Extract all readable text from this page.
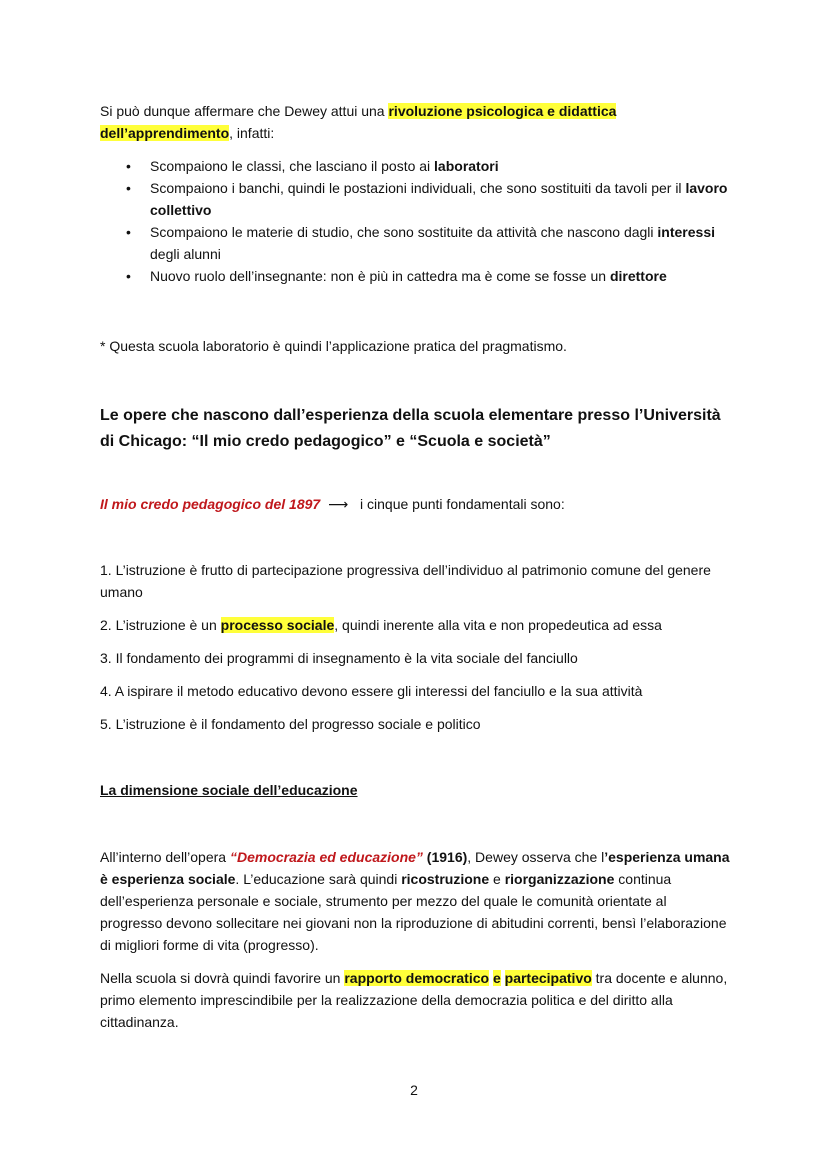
Si può dunque affermare che Dewey attui una rivoluzione psicologica e didattica
dell’apprendimento, infatti:
• Scompaiono le classi, che lasciano il posto ai laboratori
• Scompaiono i banchi, quindi le postazioni individuali, che sono sostituiti da tavoli per il lavoro collettivo
• Scompaiono le materie di studio, che sono sostituite da attività che nascono dagli interessi degli alunni
• Nuovo ruolo dell’insegnante: non è più in cattedra ma è come se fosse un direttore
* Questa scuola laboratorio è quindi l’applicazione pratica del pragmatismo.
Le opere che nascono dall’esperienza della scuola elementare presso l’Università di Chicago: “Il mio credo pedagogico” e “Scuola e società”
Il mio credo pedagogico del 1897 ⟶ i cinque punti fondamentali sono:
1. L’istruzione è frutto di partecipazione progressiva dell’individuo al patrimonio comune del genere umano
2. L’istruzione è un processo sociale, quindi inerente alla vita e non propedeutica ad essa
3. Il fondamento dei programmi di insegnamento è la vita sociale del fanciullo
4. A ispirare il metodo educativo devono essere gli interessi del fanciullo e la sua attività
5. L’istruzione è il fondamento del progresso sociale e politico
La dimensione sociale dell’educazione
All’interno dell’opera “Democrazia ed educazione” (1916), Dewey osserva che l’esperienza umana è esperienza sociale. L’educazione sarà quindi ricostruzione e riorganizzazione continua dell’esperienza personale e sociale, strumento per mezzo del quale le comunità orientate al progresso devono sollecitare nei giovani non la riproduzione di abitudini correnti, bensì l’elaborazione di migliori forme di vita (progresso).
Nella scuola si dovrà quindi favorire un rapporto democratico e partecipativo tra docente e alunno, primo elemento imprescindibile per la realizzazione della democrazia politica e del diritto alla cittadinanza.
2
